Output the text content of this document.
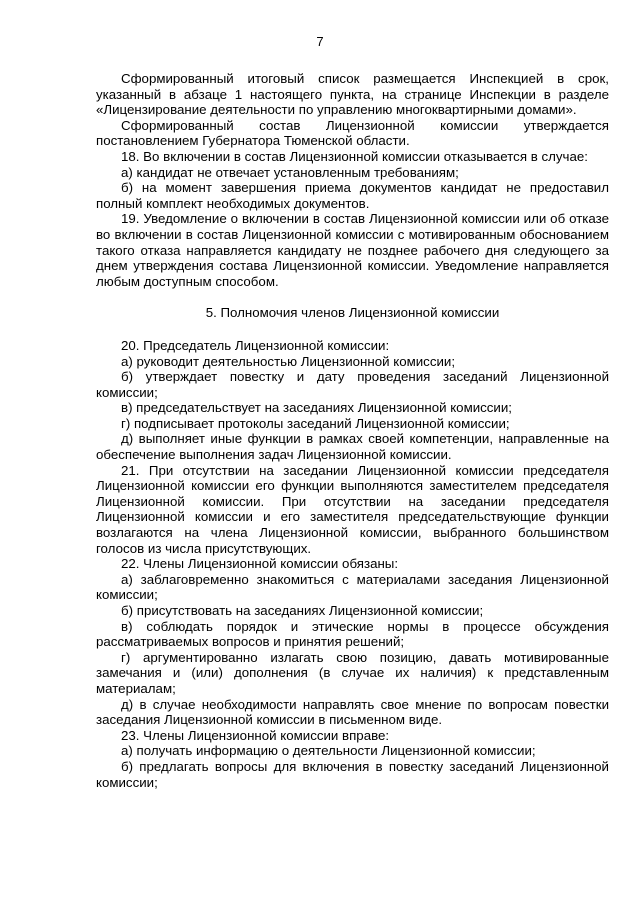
7

Сформированный итоговый список размещается Инспекцией в срок, указанный в абзаце 1 настоящего пункта, на странице Инспекции в разделе «Лицензирование деятельности по управлению многоквартирными домами».

Сформированный состав Лицензионной комиссии утверждается постановлением Губернатора Тюменской области.

18. Во включении в состав Лицензионной комиссии отказывается в случае:

а) кандидат не отвечает установленным требованиям;

б) на момент завершения приема документов кандидат не предоставил полный комплект необходимых документов.

19. Уведомление о включении в состав Лицензионной комиссии или об отказе во включении в состав Лицензионной комиссии с мотивированным обоснованием такого отказа направляется кандидату не позднее рабочего дня следующего за днем утверждения состава Лицензионной комиссии. Уведомление направляется любым доступным способом.

5. Полномочия членов Лицензионной комиссии

20. Председатель Лицензионной комиссии:

а) руководит деятельностью Лицензионной комиссии;

б) утверждает повестку и дату проведения заседаний Лицензионной комиссии;

в) председательствует на заседаниях Лицензионной комиссии;

г) подписывает протоколы заседаний Лицензионной комиссии;

д) выполняет иные функции в рамках своей компетенции, направленные на обеспечение выполнения задач Лицензионной комиссии.

21. При отсутствии на заседании Лицензионной комиссии председателя Лицензионной комиссии его функции выполняются заместителем председателя Лицензионной комиссии. При отсутствии на заседании председателя Лицензионной комиссии и его заместителя председательствующие функции возлагаются на члена Лицензионной комиссии, выбранного большинством голосов из числа присутствующих.

22. Члены Лицензионной комиссии обязаны:

а) заблаговременно знакомиться с материалами заседания Лицензионной комиссии;

б) присутствовать на заседаниях Лицензионной комиссии;

в) соблюдать порядок и этические нормы в процессе обсуждения рассматриваемых вопросов и принятия решений;

г) аргументированно излагать свою позицию, давать мотивированные замечания и (или) дополнения (в случае их наличия) к представленным материалам;

д) в случае необходимости направлять свое мнение по вопросам повестки заседания Лицензионной комиссии в письменном виде.

23. Члены Лицензионной комиссии вправе:

а) получать информацию о деятельности Лицензионной комиссии;

б) предлагать вопросы для включения в повестку заседаний Лицензионной комиссии;
